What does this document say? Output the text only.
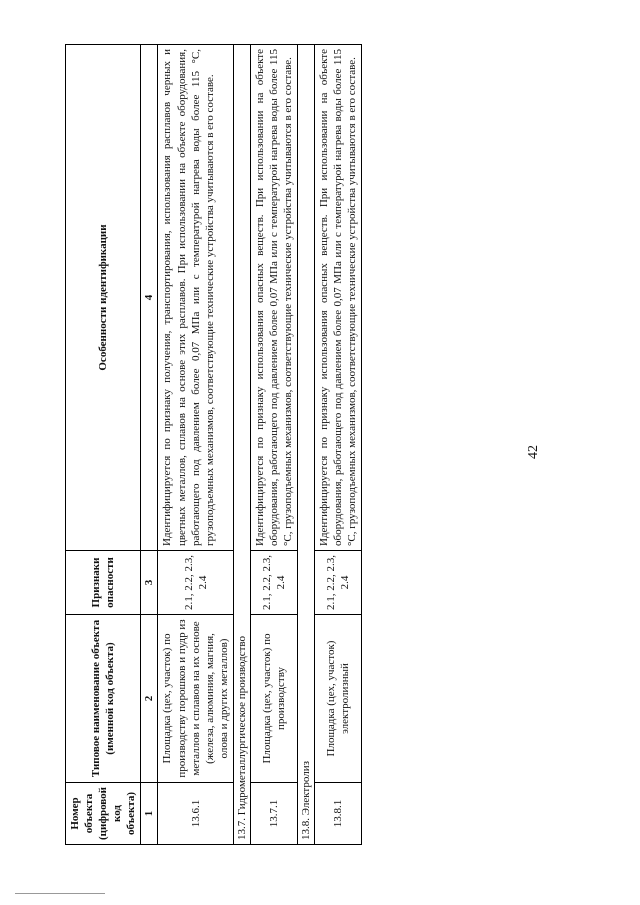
42
Номер объекта (цифровой код объекта)	Типовое наименование объекта (именной код объекта)	Признаки опасности	Особенности идентификации
1	2	3	4
13.6.1	Площадка (цех, участок) по производству порошков и пудр из металлов и сплавов на их основе (железа, алюминия, магния, олова и других металлов)	2.1, 2.2, 2.3, 2.4	Идентифицируется по признаку получения, транспортирования, использования расплавов черных и цветных металлов, сплавов на основе этих расплавов. При использовании на объекте оборудования, работающего под давлением более 0,07 МПа или с температурой нагрева воды более 115 °С, грузоподъемных механизмов, соответствующие технические устройства учитываются в его составе.
13.7. Гидрометаллургическое производство			
13.7.1	Площадка (цех, участок) по производству	2.1, 2.2, 2.3, 2.4	Идентифицируется по признаку использования опасных веществ. При использовании на объекте оборудования, работающего под давлением более 0,07 МПа или с температурой нагрева воды более 115 °С, грузоподъемных механизмов, соответствующие технические устройства учитываются в его составе.
13.8. Электролиз			
13.8.1	Площадка (цех, участок) электролизный	2.1, 2.2, 2.3, 2.4	Идентифицируется по признаку использования опасных веществ. При использовании на объекте оборудования, работающего под давлением более 0,07 МПа или с температурой нагрева воды более 115 °С, грузоподъемных механизмов, соответствующие технические устройства учитываются в его составе.
